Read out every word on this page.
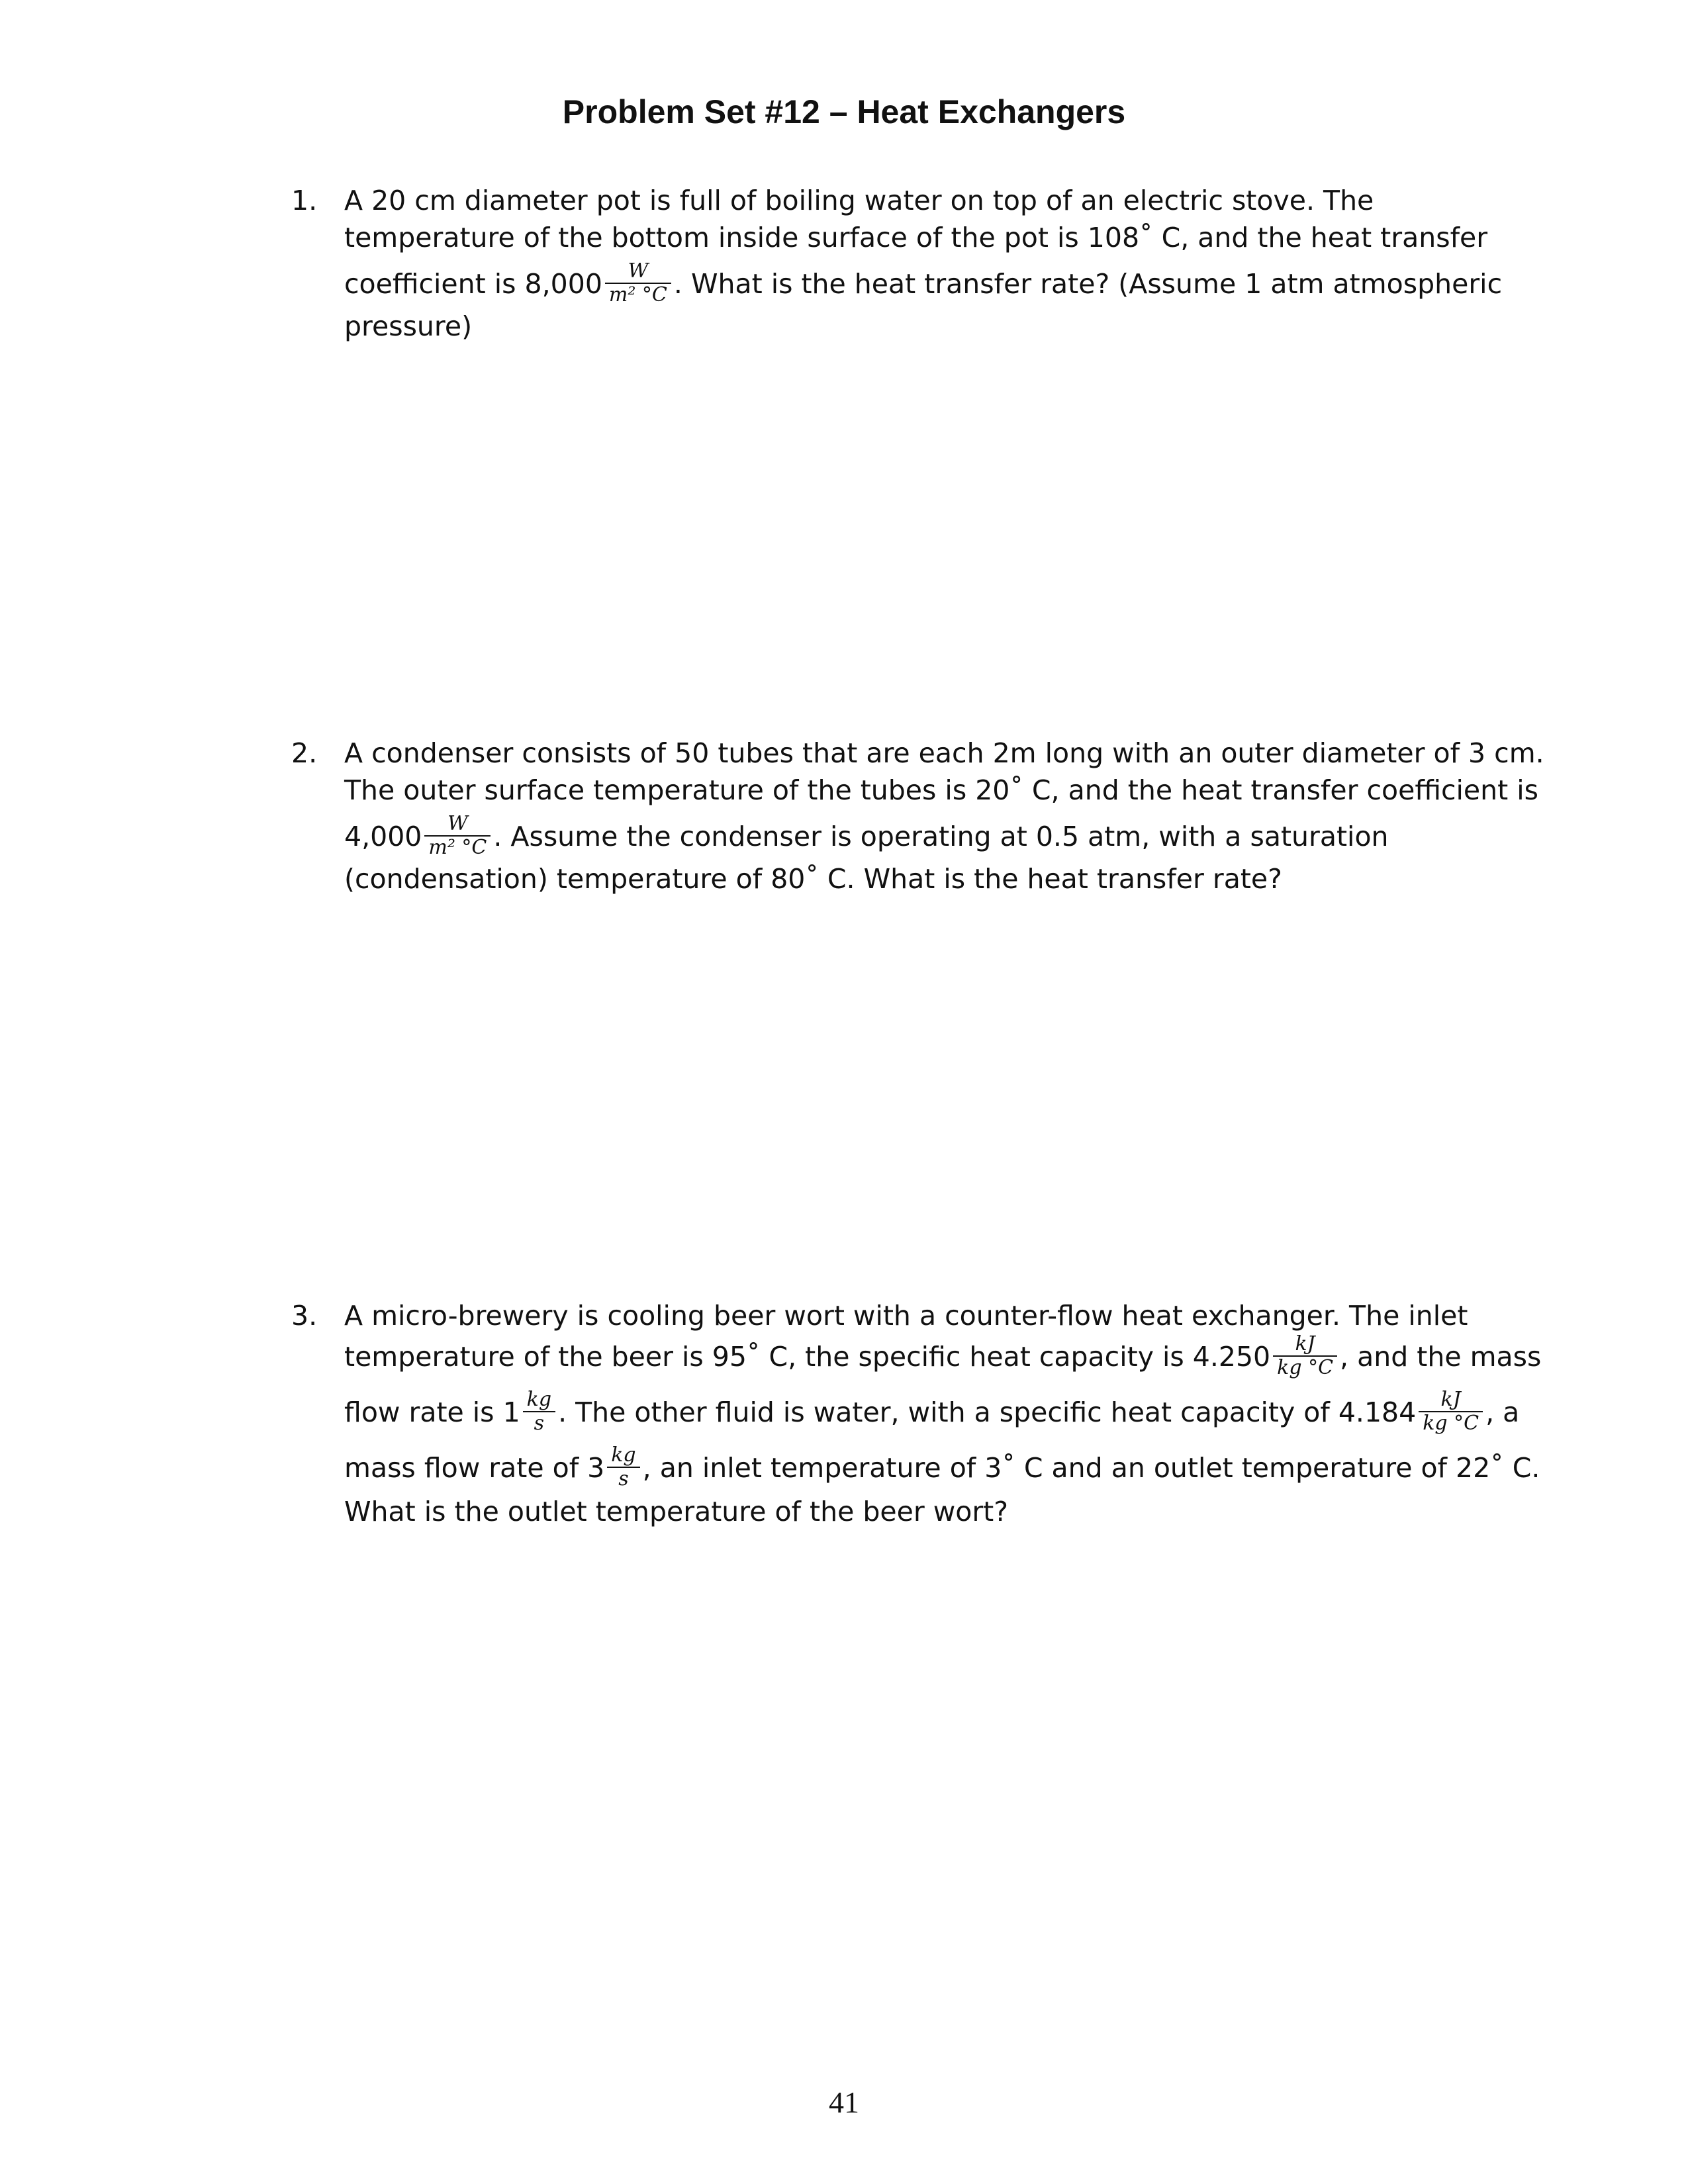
Problem Set #12 – Heat Exchangers
1. A 20 cm diameter pot is full of boiling water on top of an electric stove. The
temperature of the bottom inside surface of the pot is 108˚ C, and the heat transfer
coefficient is $8,000 \frac{W}{\text{m² °C}}$ . What is the heat transfer rate? (Assume 1 atm atmospheric
pressure)
2. A condenser consists of 50 tubes that are each 2m long with an outer diameter of 3 cm.
The outer surface temperature of the tubes is 20˚ C, and the heat transfer coefficient is
$4,000 \frac{W}{\text{m² °C}}$ . Assume the condenser is operating at 0.5 atm, with a saturation
(condensation) temperature of 80˚ C. What is the heat transfer rate?
3. A micro-brewery is cooling beer wort with a counter-flow heat exchanger. The inlet
temperature of the beer is 95˚ C, the specific heat capacity is $4.250 \frac{kJ}{kg ^\circ C}$ , and the mass
flow rate is $1 \frac{kg}{s}$ . The other fluid is water, with a specific heat capacity of $4.184 \frac{kJ}{kg ^\circ C}$ , a
mass flow rate of $3 \frac{kg}{s}$ , an inlet temperature of 3˚ C and an outlet temperature of 22˚ C.
What is the outlet temperature of the beer wort?
41
